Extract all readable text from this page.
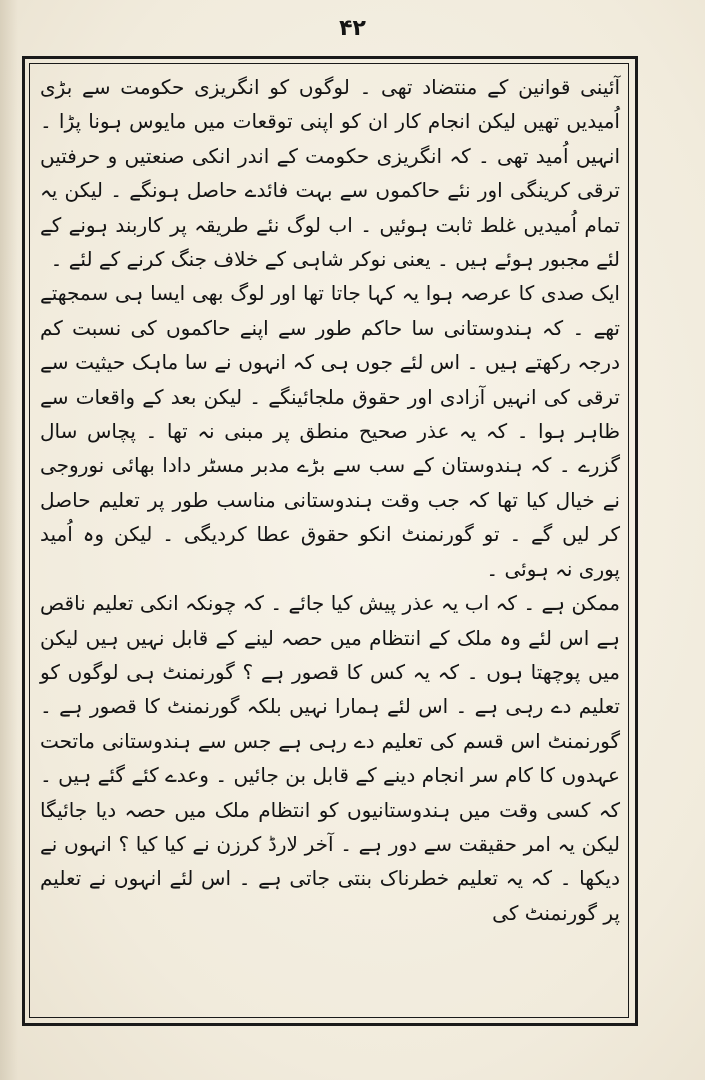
۴۲

آئینی قوانین کے منتضاد تھی ۔ لوگوں کو انگریزی حکومت سے بڑی اُمیدیں تھیں لیکن انجام کار ان کو اپنی توقعات میں مایوس ہونا پڑا ۔ انہیں اُمید تھی ۔ کہ انگریزی حکومت کے اندر انکی صنعتیں و حرفتیں ترقی کرینگی اور نئے حاکموں سے بہت فائدے حاصل ہونگے ۔ لیکن یہ تمام اُمیدیں غلط ثابت ہوئیں ۔ اب لوگ نئے طریقہ پر کاربند ہونے کے لئے مجبور ہوئے ہیں ۔ یعنی نوکر شاہی کے خلاف جنگ کرنے کے لئے ۔

ایک صدی کا عرصہ ہوا یہ کہا جاتا تھا اور لوگ بھی ایسا ہی سمجھتے تھے ۔ کہ ہندوستانی سا حاکم طور سے اپنے حاکموں کی نسبت کم درجہ رکھتے ہیں ۔ اس لئے جوں ہی کہ انہوں نے سا ماہک حیثیت سے ترقی کی انہیں آزادی اور حقوق ملجائینگے ۔ لیکن بعد کے واقعات سے ظاہر ہوا ۔ کہ یہ عذر صحیح منطق پر مبنی نہ تھا ۔ پچاس سال گزرے ۔ کہ ہندوستان کے سب سے بڑے مدبر مسٹر دادا بھائی نوروجی نے خیال کیا تھا کہ جب وقت ہندوستانی مناسب طور پر تعلیم حاصل کر لیں گے ۔ تو گورنمنٹ انکو حقوق عطا کردیگی ۔ لیکن وہ اُمید پوری نہ ہوئی ۔

ممکن ہے ۔ کہ اب یہ عذر پیش کیا جائے ۔ کہ چونکہ انکی تعلیم ناقص ہے اس لئے وہ ملک کے انتظام میں حصہ لینے کے قابل نہیں ہیں لیکن میں پوچھتا ہوں ۔ کہ یہ کس کا قصور ہے ؟ گورنمنٹ ہی لوگوں کو تعلیم دے رہی ہے ۔ اس لئے ہمارا نہیں بلکہ گورنمنٹ کا قصور ہے ۔ گورنمنٹ اس قسم کی تعلیم دے رہی ہے جس سے ہندوستانی ماتحت عہدوں کا کام سر انجام دینے کے قابل بن جائیں ۔ وعدے کئے گئے ہیں ۔ کہ کسی وقت میں ہندوستانیوں کو انتظام ملک میں حصہ دیا جائیگا لیکن یہ امر حقیقت سے دور ہے ۔ آخر لارڈ کرزن نے کیا کیا ؟ انہوں نے دیکھا ۔ کہ یہ تعلیم خطرناک بنتی جاتی ہے ۔ اس لئے انہوں نے تعلیم پر گورنمنٹ کی
